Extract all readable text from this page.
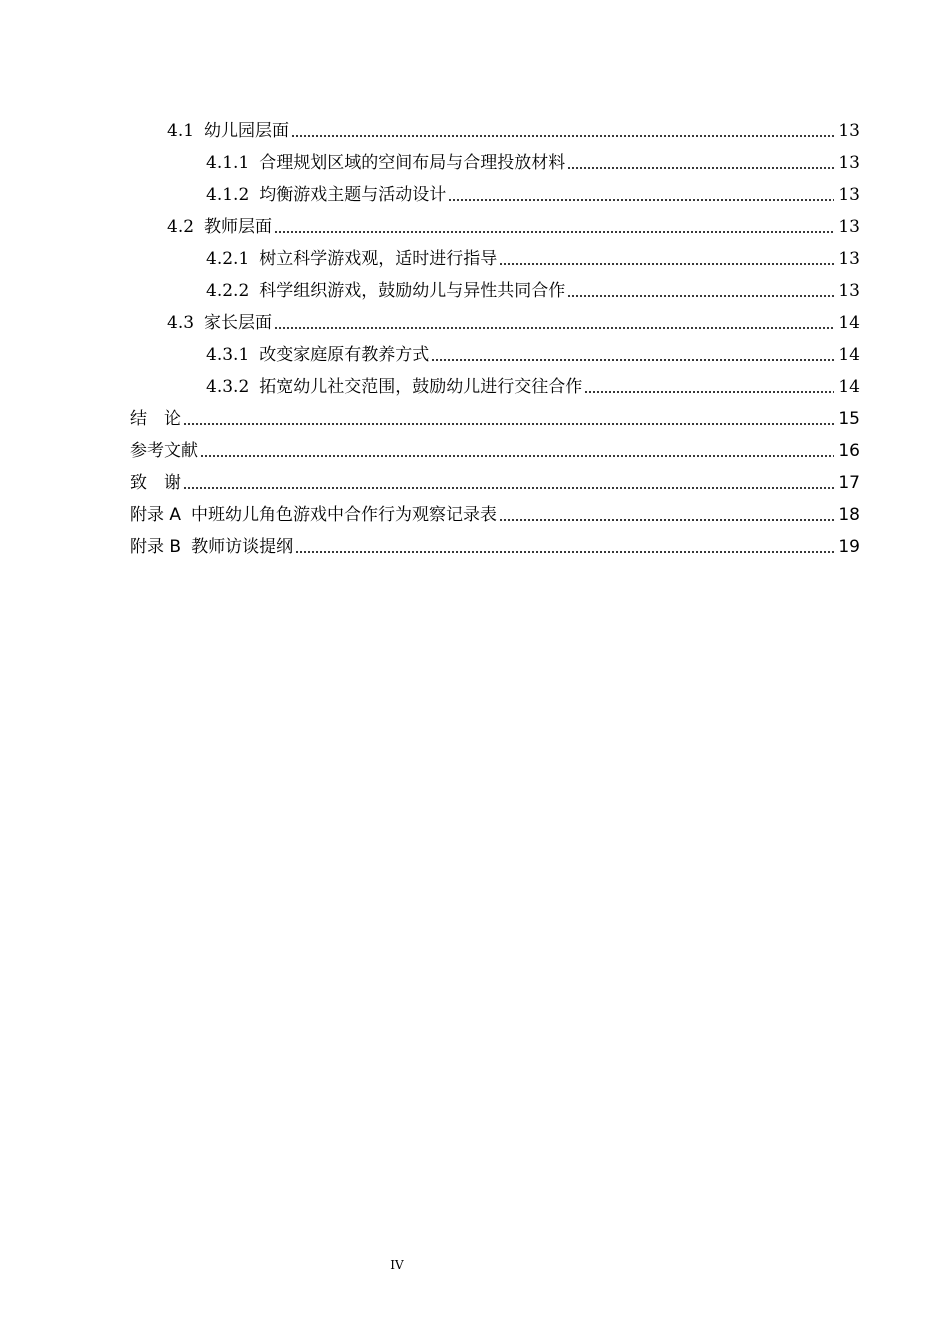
4.1 幼儿园层面	13
4.1.1 合理规划区域的空间布局与合理投放材料	13
4.1.2 均衡游戏主题与活动设计	13
4.2 教师层面	13
4.2.1 树立科学游戏观，适时进行指导	13
4.2.2 科学组织游戏，鼓励幼儿与异性共同合作	13
4.3 家长层面	14
4.3.1 改变家庭原有教养方式	14
4.3.2 拓宽幼儿社交范围，鼓励幼儿进行交往合作	14
结　论	15
参考文献	16
致　谢	17
附录 A 中班幼儿角色游戏中合作行为观察记录表	18
附录 B 教师访谈提纲	19
IV
